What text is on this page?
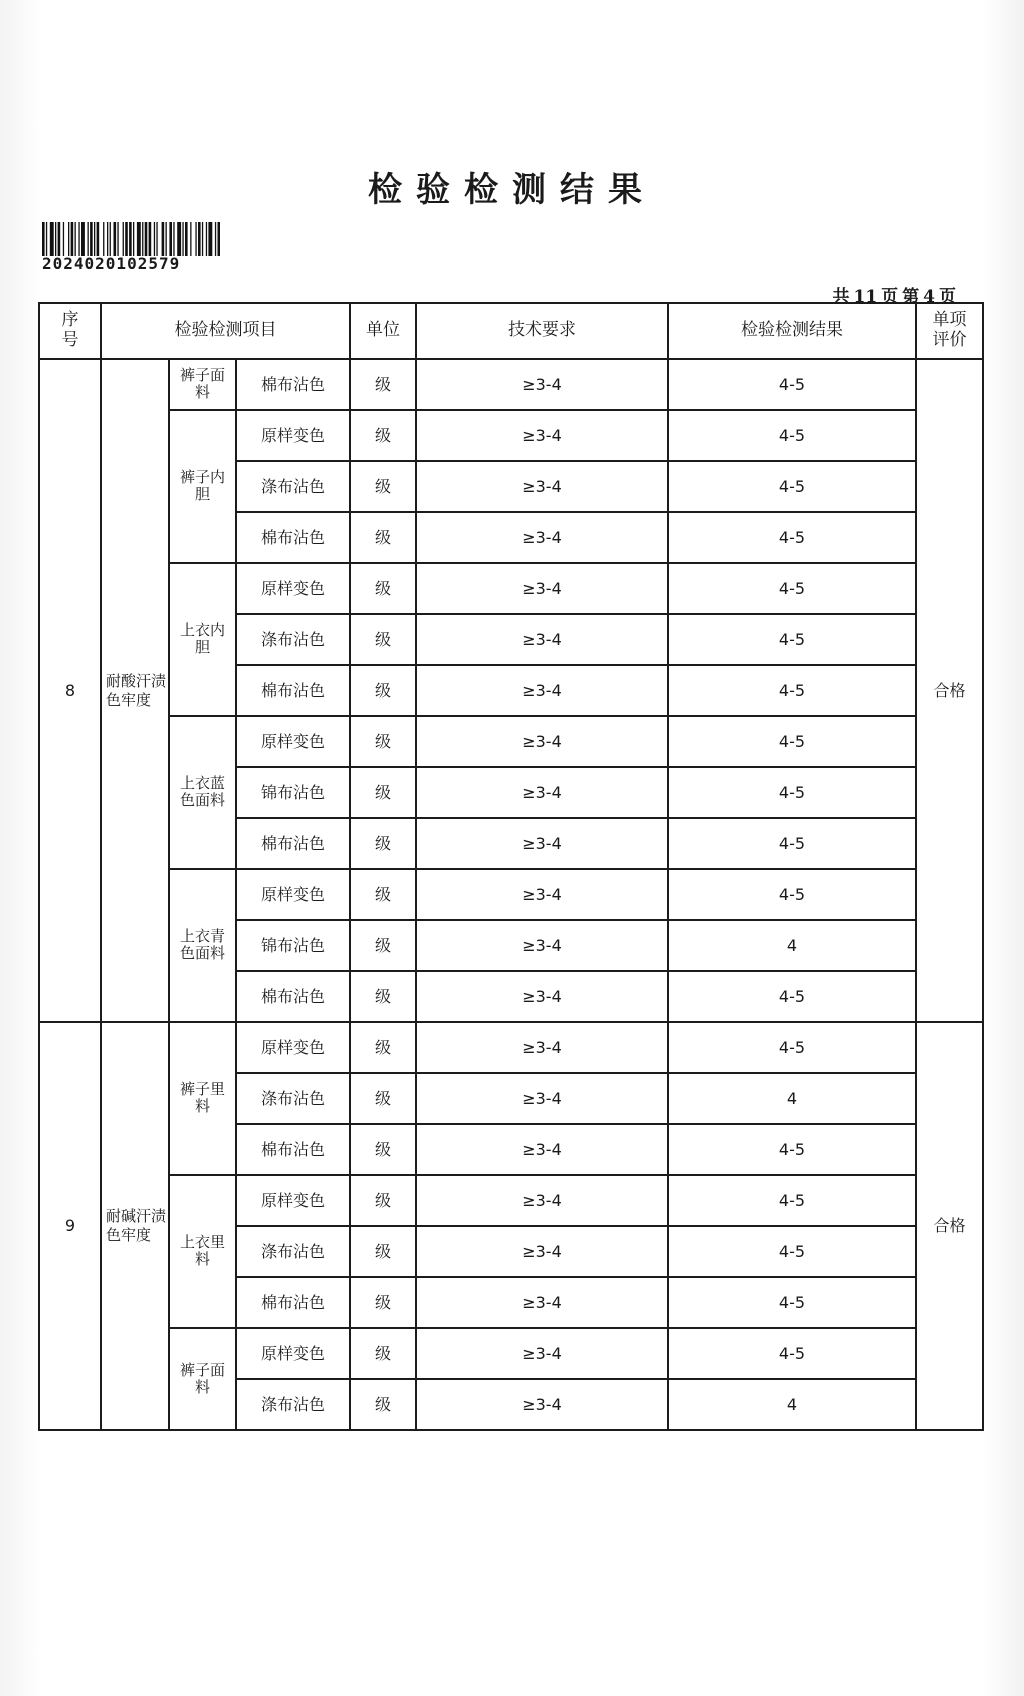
检验检测结果
2024020102579
共 11 页 第 4 页
序号	检验检测项目			单位	技术要求	检验检测结果	单项评价
8	耐酸汗渍色牢度	裤子面料	棉布沾色	级	≥3-4	4-5	合格
		裤子内胆	原样变色	级	≥3-4	4-5	
			涤布沾色	级	≥3-4	4-5	
			棉布沾色	级	≥3-4	4-5	
		上衣内胆	原样变色	级	≥3-4	4-5	
			涤布沾色	级	≥3-4	4-5	
			棉布沾色	级	≥3-4	4-5	
		上衣蓝色面料	原样变色	级	≥3-4	4-5	
			锦布沾色	级	≥3-4	4-5	
			棉布沾色	级	≥3-4	4-5	
		上衣青色面料	原样变色	级	≥3-4	4-5	
			锦布沾色	级	≥3-4	4	
			棉布沾色	级	≥3-4	4-5	
9	耐碱汗渍色牢度	裤子里料	原样变色	级	≥3-4	4-5	合格
			涤布沾色	级	≥3-4	4	
			棉布沾色	级	≥3-4	4-5	
		上衣里料	原样变色	级	≥3-4	4-5	
			涤布沾色	级	≥3-4	4-5	
			棉布沾色	级	≥3-4	4-5	
		裤子面料	原样变色	级	≥3-4	4-5	
			涤布沾色	级	≥3-4	4	
